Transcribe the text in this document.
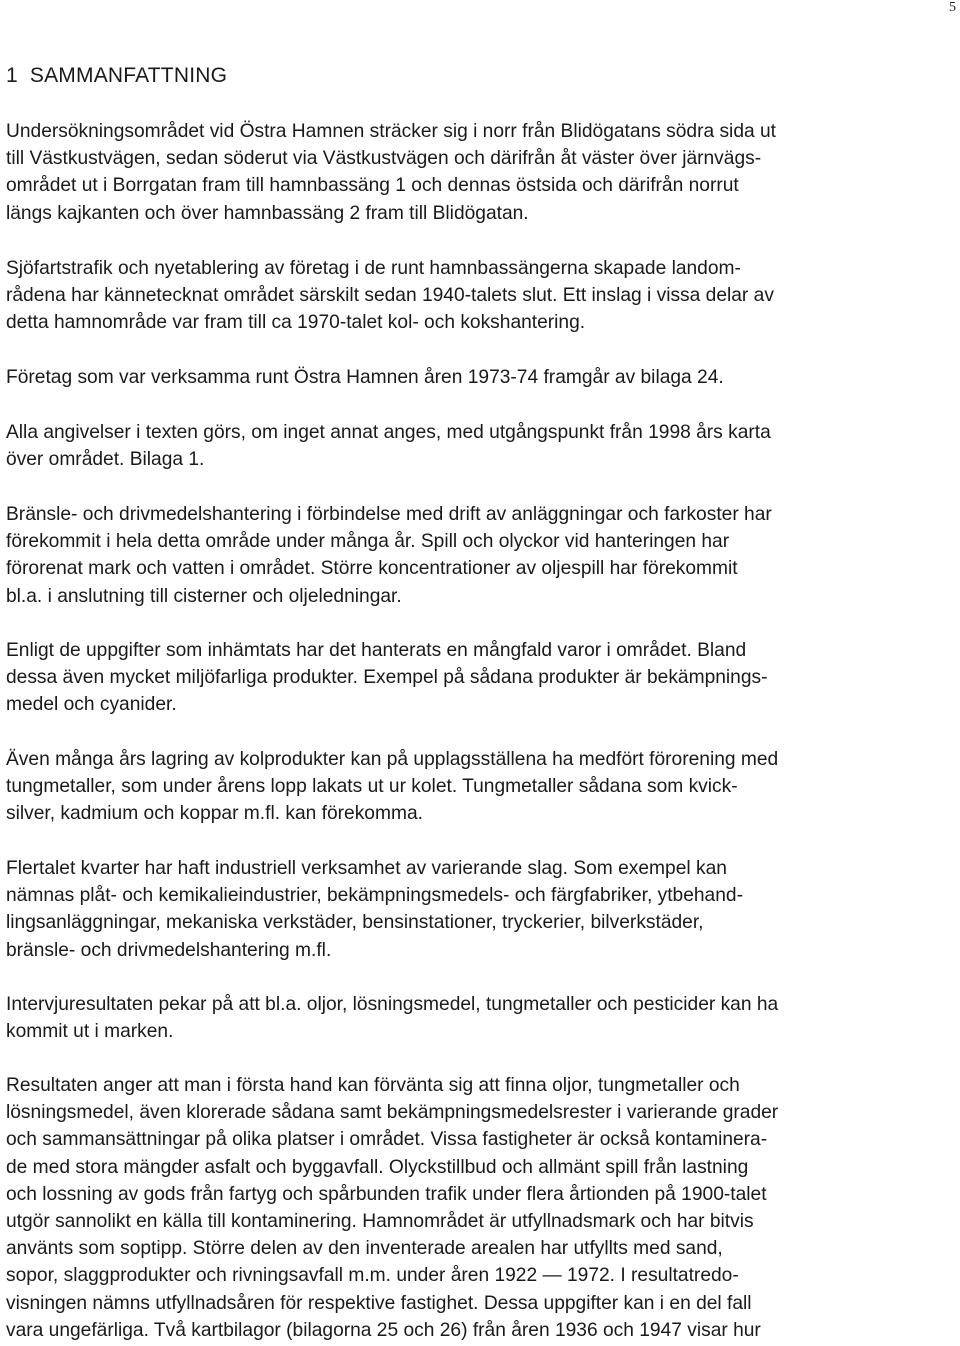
5
1 SAMMANFATTNING
Undersökningsområdet vid Östra Hamnen sträcker sig i norr från Blidögatans södra sida ut
till Västkustvägen, sedan söderut via Västkustvägen och därifrån åt väster över järnvägs-
området ut i Borrgatan fram till hamnbassäng 1 och dennas östsida och därifrån norrut
längs kajkanten och över hamnbassäng 2 fram till Blidögatan.
Sjöfartstrafik och nyetablering av företag i de runt hamnbassängerna skapade landom-
rådena har kännetecknat området särskilt sedan 1940-talets slut. Ett inslag i vissa delar av
detta hamnområde var fram till ca 1970-talet kol- och kokshantering.
Företag som var verksamma runt Östra Hamnen åren 1973-74 framgår av bilaga 24.
Alla angivelser i texten görs, om inget annat anges, med utgångspunkt från 1998 års karta
över området. Bilaga 1.
Bränsle- och drivmedelshantering i förbindelse med drift av anläggningar och farkoster har
förekommit i hela detta område under många år. Spill och olyckor vid hanteringen har
förorenat mark och vatten i området. Större koncentrationer av oljespill har förekommit
bl.a. i anslutning till cisterner och oljeledningar.
Enligt de uppgifter som inhämtats har det hanterats en mångfald varor i området. Bland
dessa även mycket miljöfarliga produkter. Exempel på sådana produkter är bekämpnings-
medel och cyanider.
Även många års lagring av kolprodukter kan på upplagsställena ha medfört förorening med
tungmetaller, som under årens lopp lakats ut ur kolet. Tungmetaller sådana som kvick-
silver, kadmium och koppar m.fl. kan förekomma.
Flertalet kvarter har haft industriell verksamhet av varierande slag. Som exempel kan
nämnas plåt- och kemikalieindustrier, bekämpningsmedels- och färgfabriker, ytbehand-
lingsanläggningar, mekaniska verkstäder, bensinstationer, tryckerier, bilverkstäder,
bränsle- och drivmedelshantering m.fl.
Intervjuresultaten pekar på att bl.a. oljor, lösningsmedel, tungmetaller och pesticider kan ha
kommit ut i marken.
Resultaten anger att man i första hand kan förvänta sig att finna oljor, tungmetaller och
lösningsmedel, även klorerade sådana samt bekämpningsmedelsrester i varierande grader
och sammansättningar på olika platser i området. Vissa fastigheter är också kontaminera-
de med stora mängder asfalt och byggavfall. Olyckstillbud och allmänt spill från lastning
och lossning av gods från fartyg och spårbunden trafik under flera årtionden på 1900-talet
utgör sannolikt en källa till kontaminering. Hamnområdet är utfyllnadsmark och har bitvis
använts som soptipp. Större delen av den inventerade arealen har utfyllts med sand,
sopor, slaggprodukter och rivningsavfall m.m. under åren 1922 — 1972. I resultatredo-
visningen nämns utfyllnadsåren för respektive fastighet. Dessa uppgifter kan i en del fall
vara ungefärliga. Två kartbilagor (bilagorna 25 och 26) från åren 1936 och 1947 visar hur
